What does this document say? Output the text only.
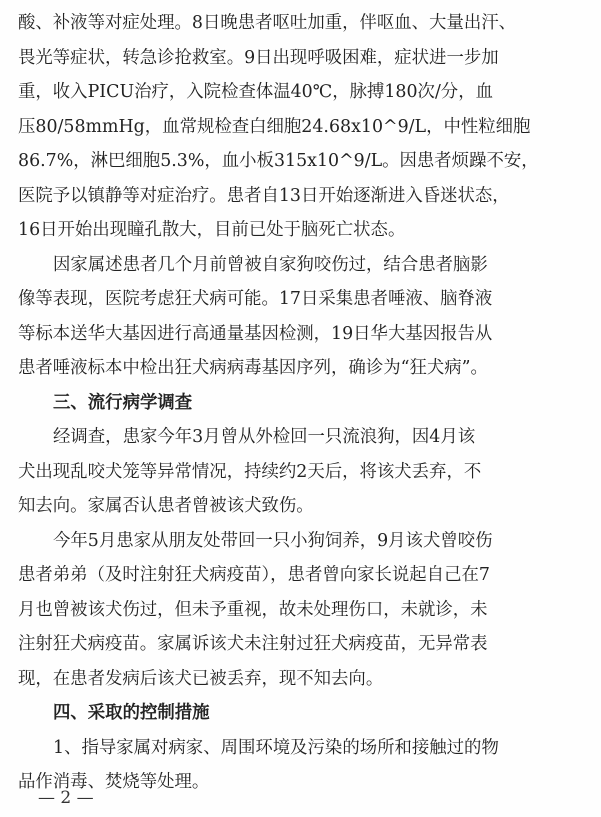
酸、补液等对症处理。8日晚患者呕吐加重，伴呕血、大量出汗、
畏光等症状，转急诊抢救室。9日出现呼吸困难，症状进一步加
重，收入PICU治疗，入院检查体温40℃，脉搏180次/分，血
压80/58mmHg，血常规检查白细胞24.68x10^9/L，中性粒细胞
86.7%，淋巴细胞5.3%，血小板315x10^9/L。因患者烦躁不安，
医院予以镇静等对症治疗。患者自13日开始逐渐进入昏迷状态，
16日开始出现瞳孔散大，目前已处于脑死亡状态。
因家属述患者几个月前曾被自家狗咬伤过，结合患者脑影
像等表现，医院考虑狂犬病可能。17日采集患者唾液、脑脊液
等标本送华大基因进行高通量基因检测，19日华大基因报告从
患者唾液标本中检出狂犬病病毒基因序列，确诊为“狂犬病”。
三、流行病学调查
经调查，患家今年3月曾从外检回一只流浪狗，因4月该
犬出现乱咬犬笼等异常情况，持续约2天后，将该犬丢弃，不
知去向。家属否认患者曾被该犬致伤。
今年5月患家从朋友处带回一只小狗饲养，9月该犬曾咬伤
患者弟弟（及时注射狂犬病疫苗），患者曾向家长说起自己在7
月也曾被该犬伤过，但未予重视，故未处理伤口，未就诊，未
注射狂犬病疫苗。家属诉该犬未注射过狂犬病疫苗，无异常表
现，在患者发病后该犬已被丢弃，现不知去向。
四、采取的控制措施
1、指导家属对病家、周围环境及污染的场所和接触过的物
品作消毒、焚烧等处理。
— 2 —
